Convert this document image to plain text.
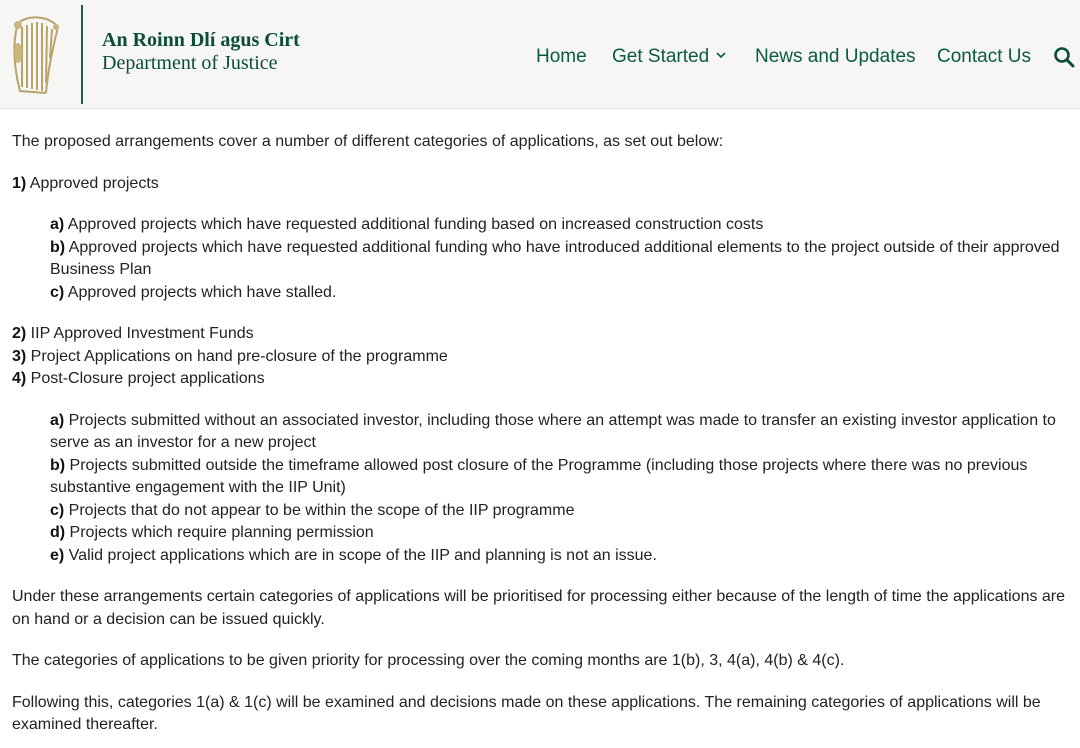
An Roinn Dlí agus Cirt
Department of Justice	Home Get Started	News and Updates Contact Us

The proposed arrangements cover a number of different categories of applications, as set out below:

1) Approved projects

a) Approved projects which have requested additional funding based on increased construction costs

b) Approved projects which have requested additional funding who have introduced additional elements to the project outside of their approved Business Plan

c) Approved projects which have stalled.

2) IIP Approved Investment Funds

3) Project Applications on hand pre-closure of the programme

4) Post-Closure project applications

a) Projects submitted without an associated investor, including those where an attempt was made to transfer an existing investor application to serve as an investor for a new project

b) Projects submitted outside the timeframe allowed post closure of the Programme (including those projects where there was no previous substantive engagement with the IIP Unit)

c) Projects that do not appear to be within the scope of the IIP programme

d) Projects which require planning permission

e) Valid project applications which are in scope of the IIP and planning is not an issue.

Under these arrangements certain categories of applications will be prioritised for processing either because of the length of time the applications are on hand or a decision can be issued quickly.

The categories of applications to be given priority for processing over the coming months are 1(b), 3, 4(a), 4(b) & 4(c).

Following this, categories 1(a) & 1(c) will be examined and decisions made on these applications. The remaining categories of applications will be examined thereafter.
